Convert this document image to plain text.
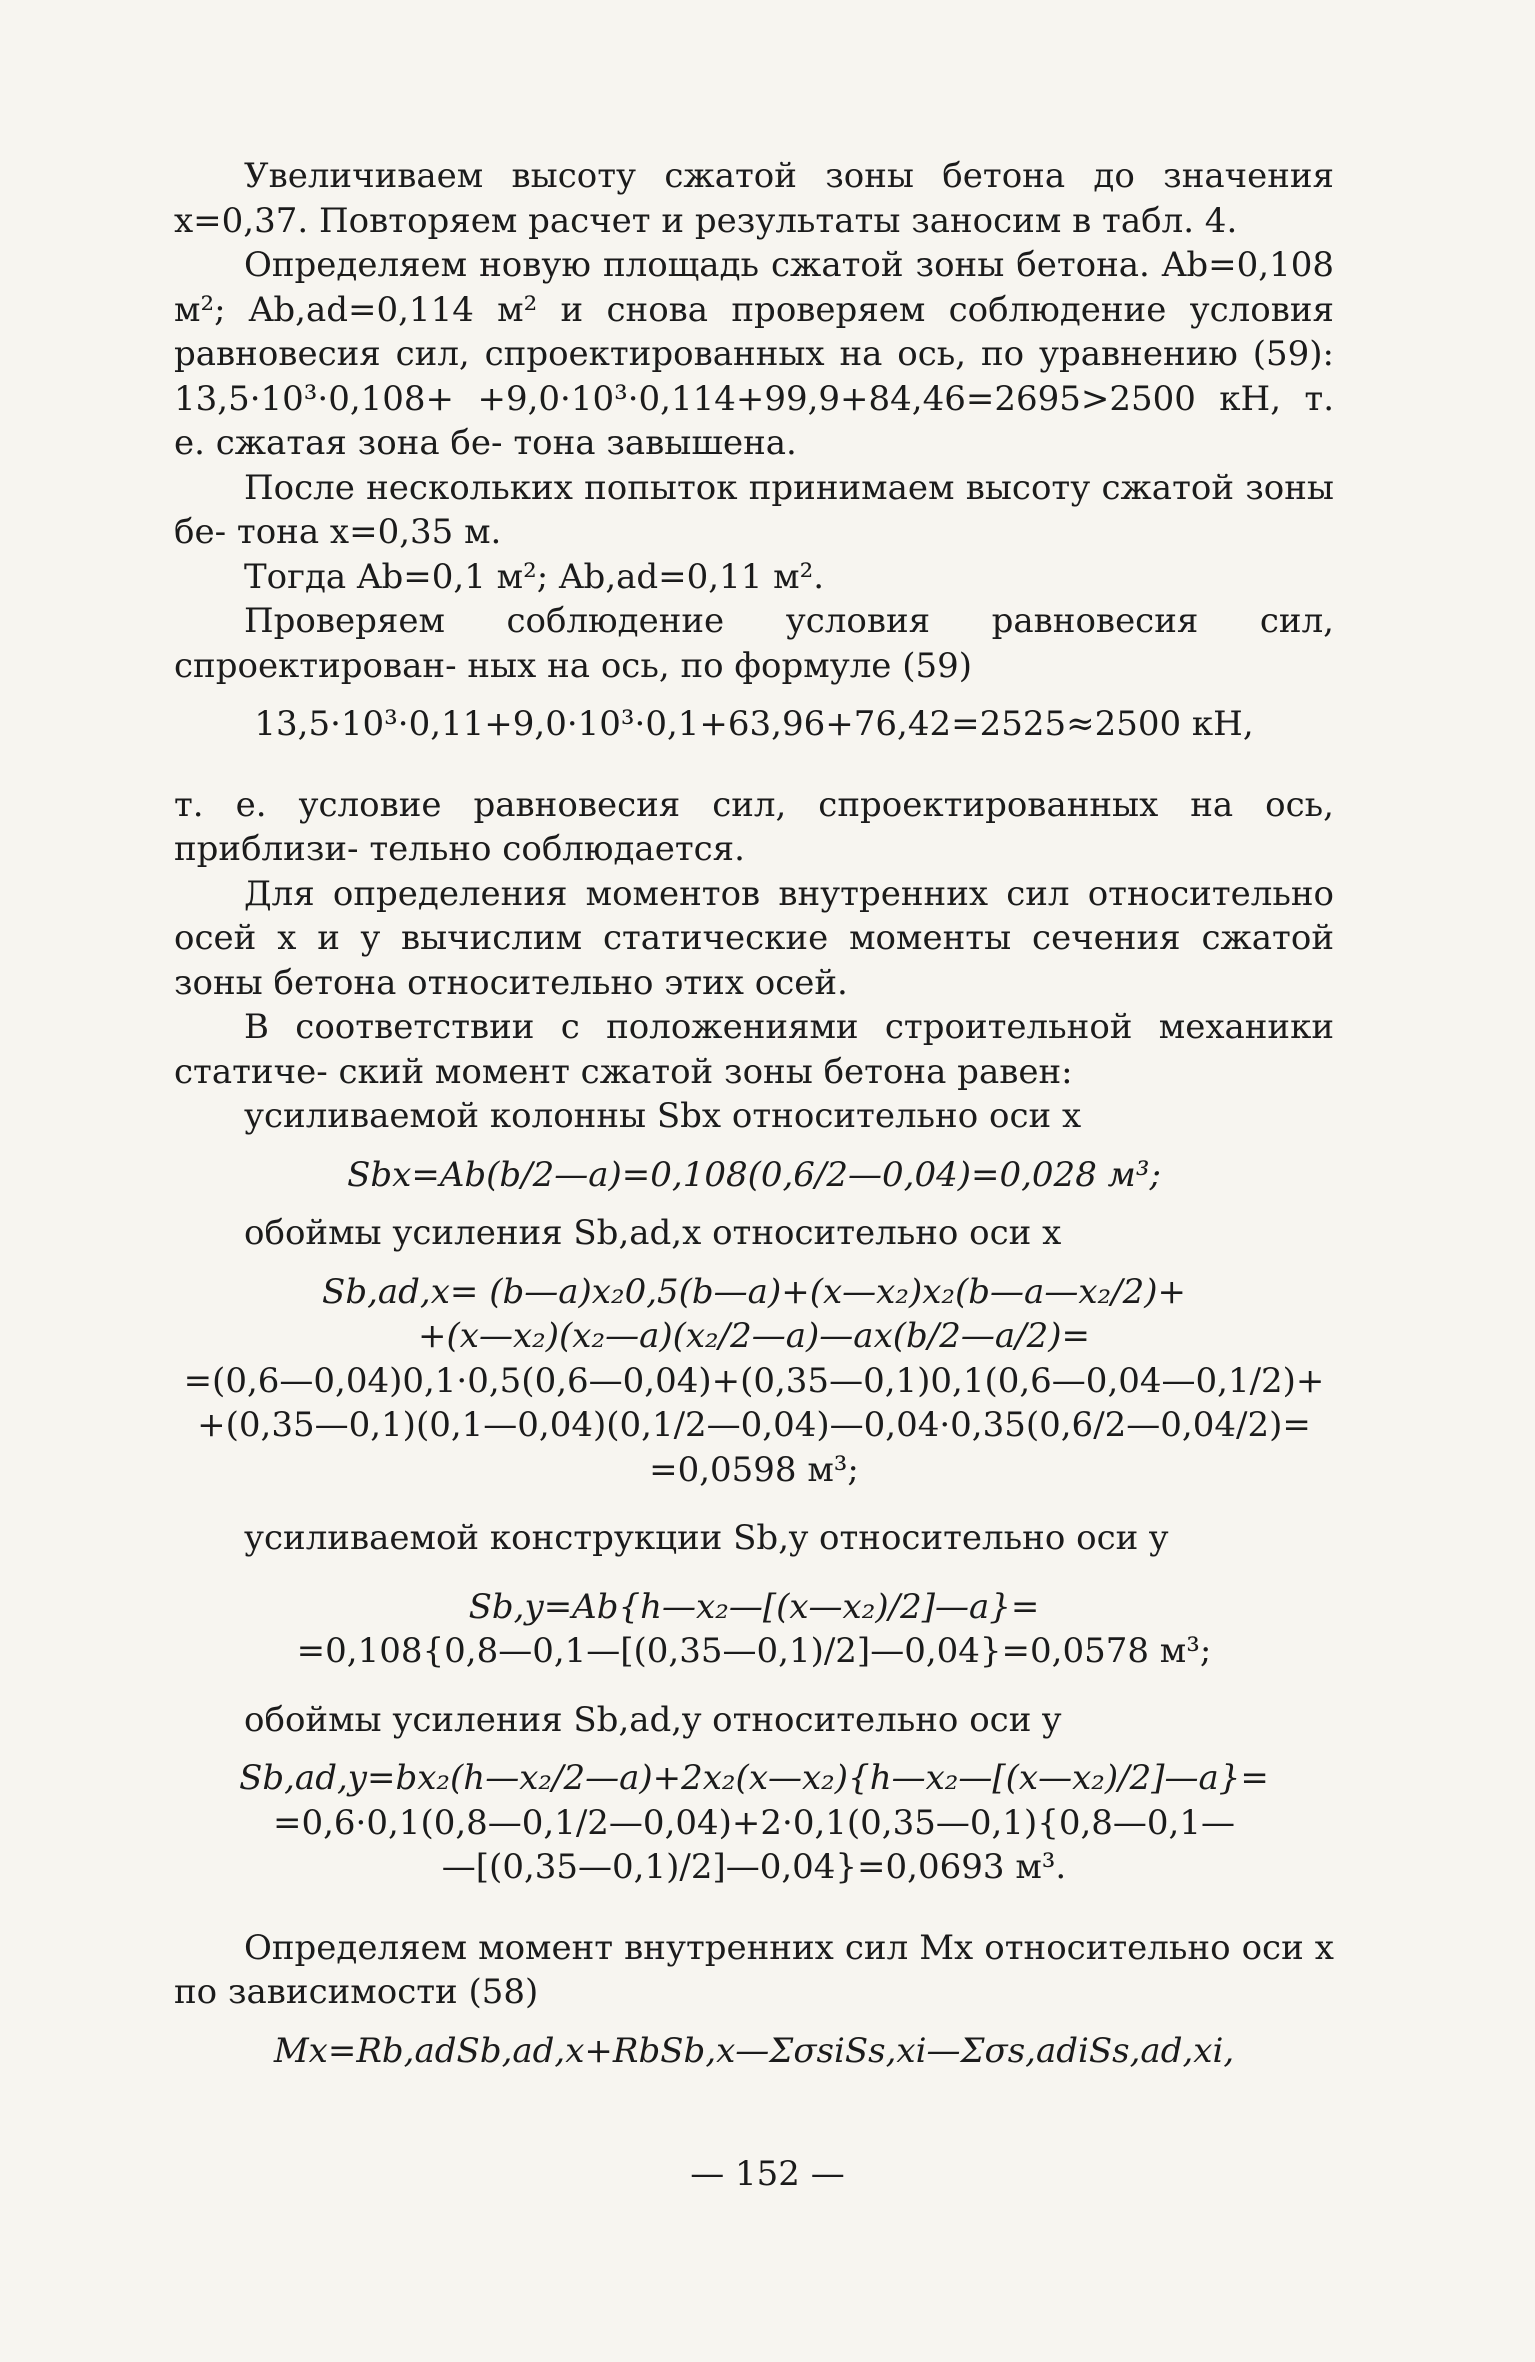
Увеличиваем высоту сжатой зоны бетона до значения x=0,37. Повторяем расчет и результаты заносим в табл. 4.

Определяем новую площадь сжатой зоны бетона. Ab=0,108 м²; Ab,ad=0,114 м² и снова проверяем соблюдение условия равновесия сил, спроектированных на ось, по уравнению (59): 13,5·10³·0,108+ +9,0·10³·0,114+99,9+84,46=2695>2500 кН, т. е. сжатая зона бе- тона завышена.

После нескольких попыток принимаем высоту сжатой зоны бе- тона x=0,35 м.

Тогда Ab=0,1 м²; Ab,ad=0,11 м².

Проверяем соблюдение условия равновесия сил, спроектирован- ных на ось, по формуле (59)

13,5·10³·0,11+9,0·10³·0,1+63,96+76,42=2525≈2500 кН,

т. е. условие равновесия сил, спроектированных на ось, приблизи- тельно соблюдается.

Для определения моментов внутренних сил относительно осей x и y вычислим статические моменты сечения сжатой зоны бетона относительно этих осей.

В соответствии с положениями строительной механики статиче- ский момент сжатой зоны бетона равен:

усиливаемой колонны Sbx относительно оси x

Sbx=Ab(b/2—a)=0,108(0,6/2—0,04)=0,028 м³;

обоймы усиления Sb,ad,x относительно оси x

Sb,ad,x= (b—a)x₂0,5(b—a)+(x—x₂)x₂(b—a—x₂/2)+

+(x—x₂)(x₂—a)(x₂/2—a)—ax(b/2—a/2)=

=(0,6—0,04)0,1·0,5(0,6—0,04)+(0,35—0,1)0,1(0,6—0,04—0,1/2)+

+(0,35—0,1)(0,1—0,04)(0,1/2—0,04)—0,04·0,35(0,6/2—0,04/2)=

=0,0598 м³;

усиливаемой конструкции Sb,y относительно оси y

Sb,y=Ab{h—x₂—[(x—x₂)/2]—a}=

=0,108{0,8—0,1—[(0,35—0,1)/2]—0,04}=0,0578 м³;

обоймы усиления Sb,ad,y относительно оси y

Sb,ad,y=bx₂(h—x₂/2—a)+2x₂(x—x₂){h—x₂—[(x—x₂)/2]—a}=

=0,6·0,1(0,8—0,1/2—0,04)+2·0,1(0,35—0,1){0,8—0,1—

—[(0,35—0,1)/2]—0,04}=0,0693 м³.

Определяем момент внутренних сил Mx относительно оси x по зависимости (58)

Mx=Rb,adSb,ad,x+RbSb,x—ΣσsiSs,xi—Σσs,adiSs,ad,xi,

— 152 —
